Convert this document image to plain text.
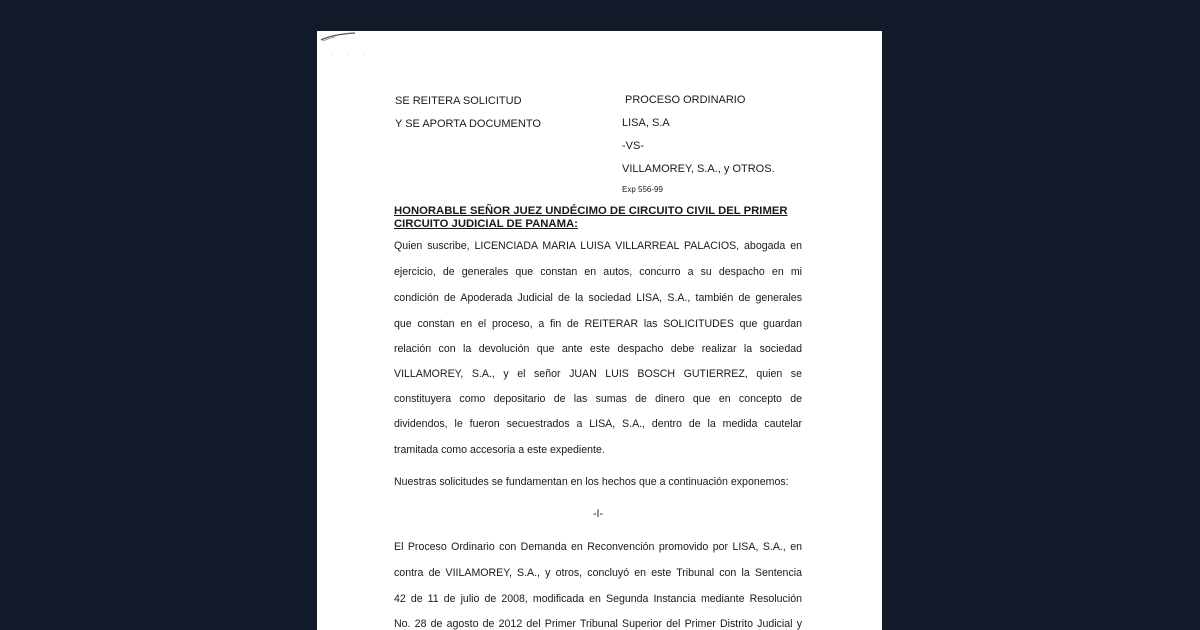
· · ·
SE REITERA SOLICITUD
Y SE APORTA DOCUMENTO
PROCESO ORDINARIO
LISA, S.A
-VS-
VILLAMOREY, S.A., y OTROS.
Exp 556-99
HONORABLE SEÑOR JUEZ UNDÉCIMO DE CIRCUITO CIVIL DEL PRIMER CIRCUITO JUDICIAL DE PANAMA:
Quien suscribe, LICENCIADA MARIA LUISA VILLARREAL PALACIOS, abogada en
ejercicio, de generales que constan en autos, concurro a su despacho en mi
condición de Apoderada Judicial de la sociedad LISA, S.A., también de generales
que constan en el proceso, a fin de REITERAR las SOLICITUDES que guardan
relación con la devolución que ante este despacho debe realizar la sociedad
VILLAMOREY, S.A., y el señor JUAN LUIS BOSCH GUTIERREZ, quien se
constituyera como depositario de las sumas de dinero que en concepto de
dividendos, le fueron secuestrados a LISA, S.A., dentro de la medida cautelar
tramitada como accesoria a este expediente.
Nuestras solicitudes se fundamentan en los hechos que a continuación exponemos:
-I-
El Proceso Ordinario con Demanda en Reconvención promovido por LISA, S.A., en
contra de VIILAMOREY, S.A., y otros, concluyó en este Tribunal con la Sentencia
42 de 11 de julio de 2008, modificada en Segunda Instancia mediante Resolución
No. 28 de agosto de 2012 del Primer Tribunal Superior del Primer Distrito Judicial y
